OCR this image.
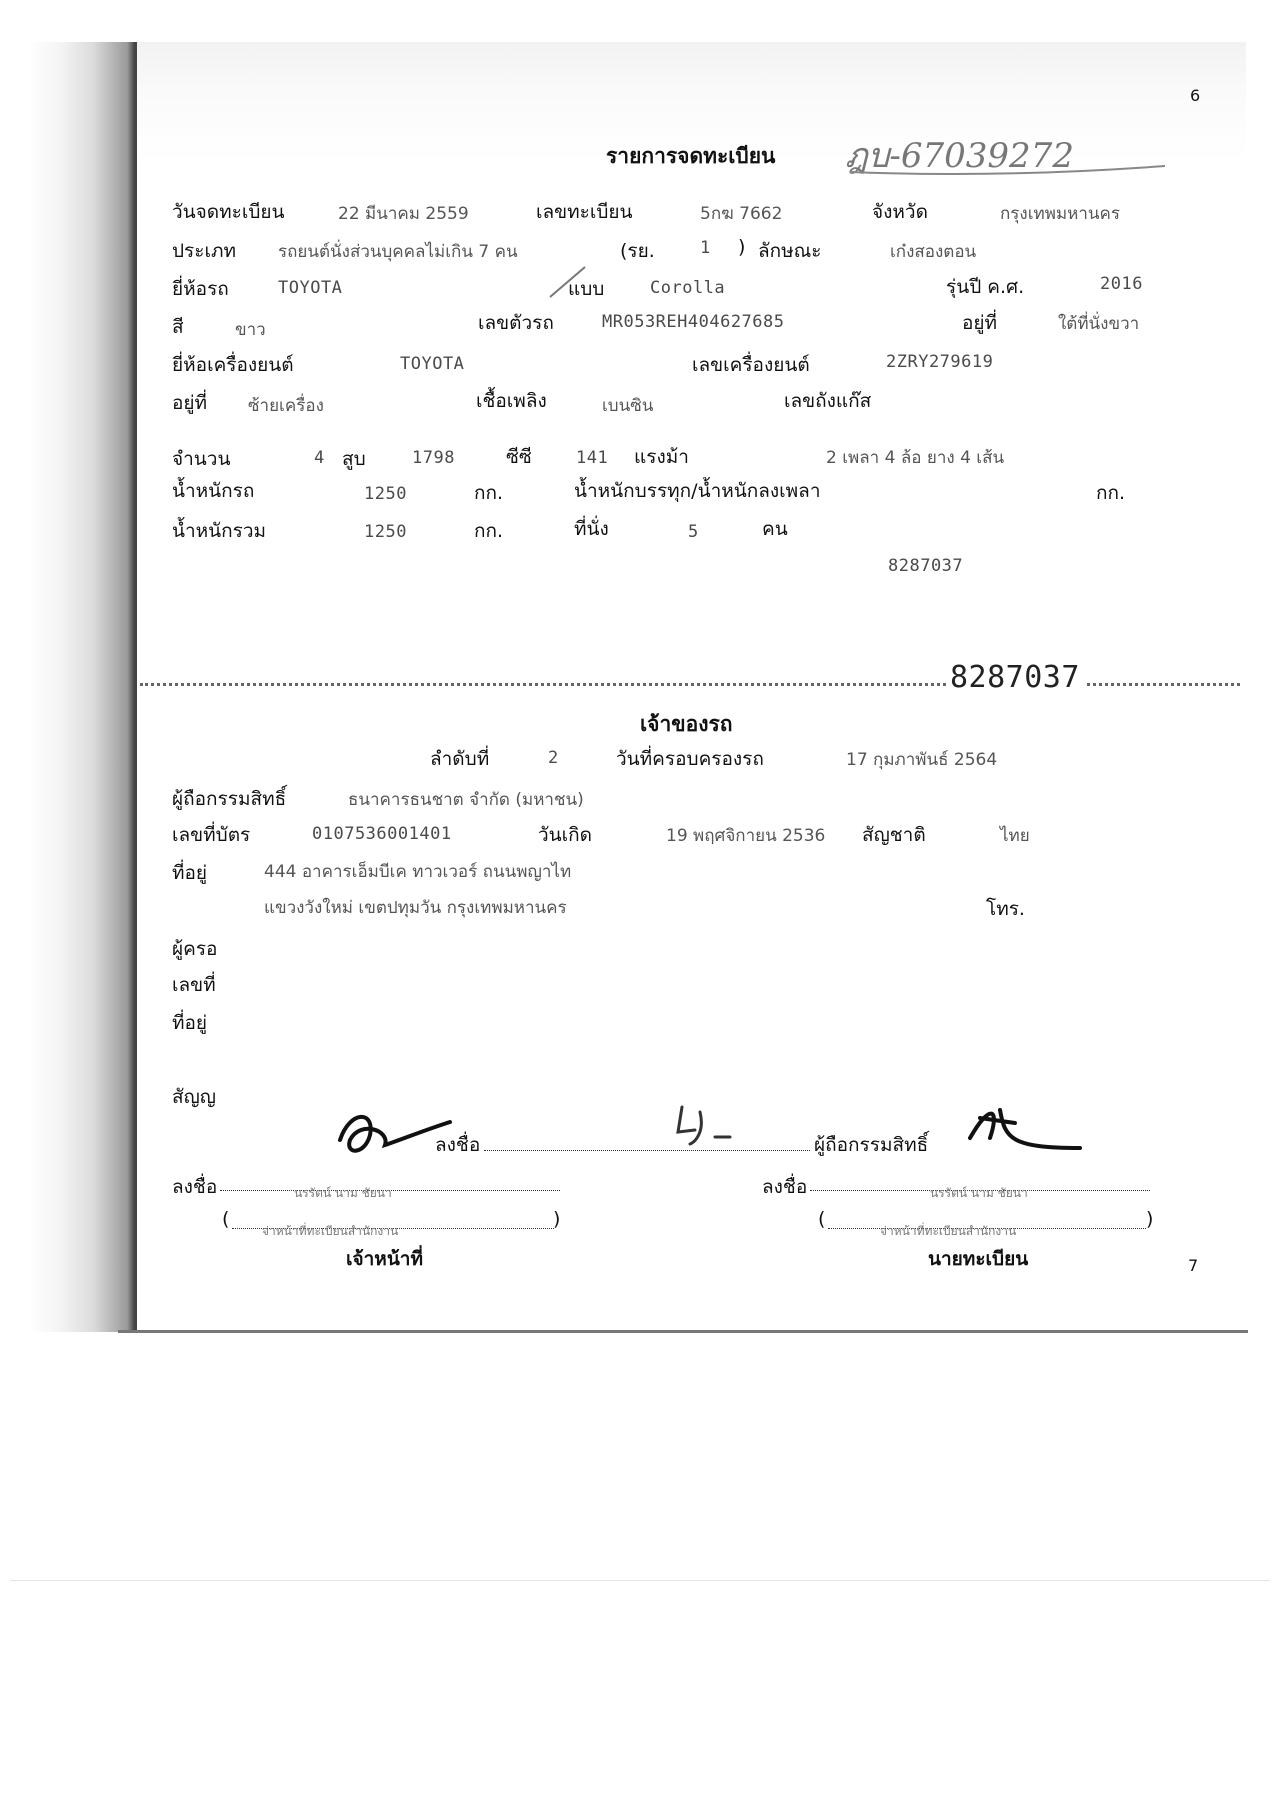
6
7
รายการจดทะเบียน ฎบ-67039272
วันจดทะเบียน	22 มีนาคม 2559	เลขทะเบียน	5กฆ 7662	จังหวัด	กรุงเทพมหานคร
ประเภท รถยนต์นั่งส่วนบุคคลไม่เกิน 7 คน	(รย.	1 ) ลักษณะ	เก๋งสองตอน
ยี่ห้อรถ	TOYOTA	แบบ	Corolla	รุ่นปี ค.ศ.	2016
สี	ขาว	เลขตัวรถ	MR053REH404627685	อยู่ที่	ใต้ที่นั่งขวา
ยี่ห้อเครื่องยนต์	TOYOTA	เลขเครื่องยนต์	2ZRY279619
อยู่ที่ ซ้ายเครื่อง	เชื้อเพลิง	เบนซิน	เลขถังแก๊ส
จำนวน	4 สูบ	1798	ซีซี	141 แรงม้า	2 เพลา 4 ล้อ ยาง 4 เส้น
น้ำหนักรถ	1250	กก.	น้ำหนักบรรทุก/น้ำหนักลงเพลา	กก.
น้ำหนักรวม	1250	กก.	ที่นั่ง	5	คน
8287037
8287037
เจ้าของรถ
ลำดับที่	2	วันที่ครอบครองรถ	17 กุมภาพันธ์ 2564
ผู้ถือกรรมสิทธิ์	ธนาคารธนชาต จำกัด (มหาชน)
เลขที่บัตร	0107536001401	วันเกิด	19 พฤศจิกายน 2536 สัญชาติ	ไทย
ที่อยู่	444 อาคารเอ็มบีเค ทาวเวอร์ ถนนพญาไท
แขวงวังใหม่ เขตปทุมวัน กรุงเทพมหานคร	โทร.
ผู้ครอ
เลขที่
ที่อยู่
สัญญ
ลงชื่อ	ผู้ถือกรรมสิทธิ์
ลงชื่อ	นรรัตน์ นาม ชัยนา
(
จ่าหน้าที่ทะเบียนสำนักงาน
)
เจ้าหน้าที่
ลงชื่อ	นรรัตน์ นาม ชัยนา
(
จ่าหน้าที่ทะเบียนสำนักงาน
)
นายทะเบียน
